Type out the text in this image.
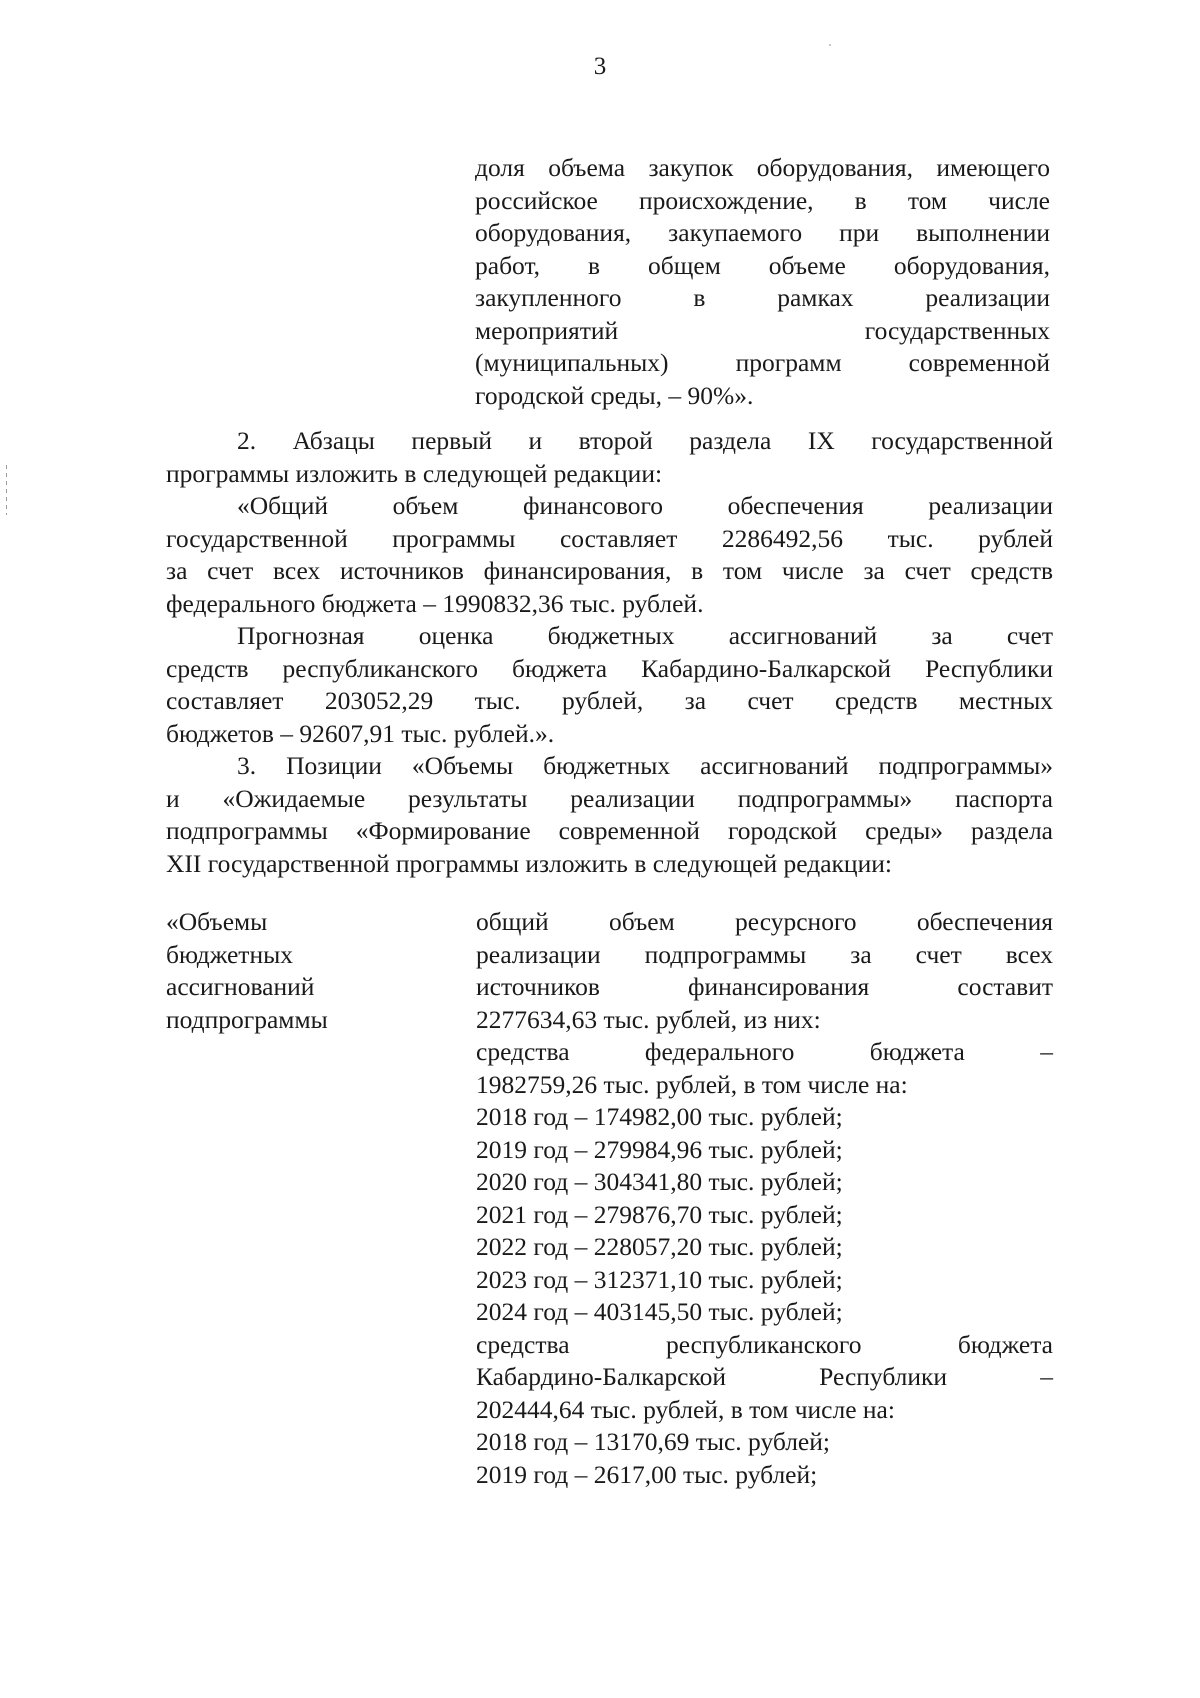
3
доля объема закупок оборудования, имеющего
российское происхождение, в том числе
оборудования, закупаемого при выполнении
работ, в общем объеме оборудования,
закупленного в рамках реализации
мероприятий государственных
(муниципальных) программ современной
городской среды, – 90%».
2. Абзацы первый и второй раздела IX государственной
программы изложить в следующей редакции:
«Общий объем финансового обеспечения реализации
государственной программы составляет 2286492,56 тыс. рублей
за счет всех источников финансирования, в том числе за счет средств
федерального бюджета – 1990832,36 тыс. рублей.
Прогнозная оценка бюджетных ассигнований за счет
средств республиканского бюджета Кабардино-Балкарской Республики
составляет 203052,29 тыс. рублей, за счет средств местных
бюджетов – 92607,91 тыс. рублей.».
3. Позиции «Объемы бюджетных ассигнований подпрограммы»
и «Ожидаемые результаты реализации подпрограммы» паспорта
подпрограммы «Формирование современной городской среды» раздела
XII государственной программы изложить в следующей редакции:
«Объемы
бюджетных
ассигнований
подпрограммы
общий объем ресурсного обеспечения
реализации подпрограммы за счет всех
источников финансирования составит
2277634,63 тыс. рублей, из них:
средства федерального бюджета –
1982759,26 тыс. рублей, в том числе на:
2018 год – 174982,00 тыс. рублей;
2019 год – 279984,96 тыс. рублей;
2020 год – 304341,80 тыс. рублей;
2021 год – 279876,70 тыс. рублей;
2022 год – 228057,20 тыс. рублей;
2023 год – 312371,10 тыс. рублей;
2024 год – 403145,50 тыс. рублей;
средства республиканского бюджета
Кабардино-Балкарской Республики –
202444,64 тыс. рублей, в том числе на:
2018 год – 13170,69 тыс. рублей;
2019 год – 2617,00 тыс. рублей;
